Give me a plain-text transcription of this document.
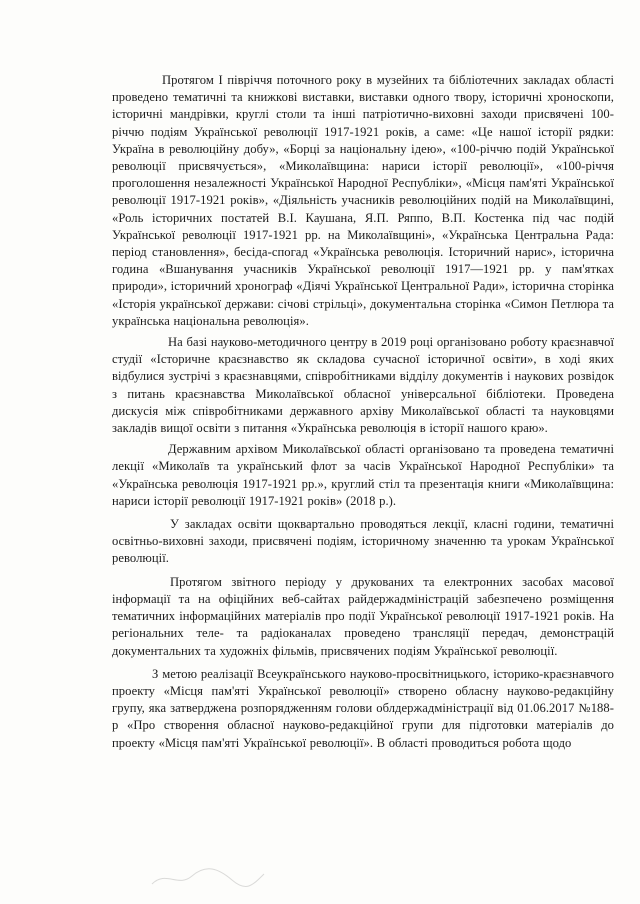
Протягом I півріччя поточного року в музейних та бібліотечних закладах області проведено тематичні та книжкові виставки, виставки одного твору, історичні хроноскопи, історичні мандрівки, круглі столи та інші патріотично-виховні заходи присвячені 100-річчю подіям Української революції 1917-1921 років, а саме: «Це нашої історії рядки: Україна в революційну добу», «Борці за національну ідею», «100-річчю подій Української революції присвячується», «Миколаївщина: нариси історії революції», «100-річчя проголошення незалежності Української Народної Республіки», «Місця пам'яті Української революції 1917-1921 років», «Діяльність учасників революційних подій на Миколаївщині, «Роль історичних постатей В.І. Каушана, Я.П. Ряппо, В.П. Костенка під час подій Української революції 1917-1921 рр. на Миколаївщині», «Українська Центральна Рада: період становлення», бесіда-спогад «Українська революція. Історичний нарис», історична година «Вшанування учасників Української революції 1917—1921 рр. у пам'ятках природи», історичний хронограф «Діячі Української Центральної Ради», історична сторінка «Історія української держави: січові стрільці», документальна сторінка «Симон Петлюра та українська національна революція».

На базі науково-методичного центру в 2019 році організовано роботу краєзнавчої студії «Історичне краєзнавство як складова сучасної історичної освіти», в ході яких відбулися зустрічі з краєзнавцями, співробітниками відділу документів і наукових розвідок з питань краєзнавства Миколаївської обласної універсальної бібліотеки. Проведена дискусія між співробітниками державного архіву Миколаївської області та науковцями закладів вищої освіти з питання «Українська революція в історії нашого краю».

Державним архівом Миколаївської області організовано та проведена тематичні лекції «Миколаїв та український флот за часів Української Народної Республіки» та «Українська революція 1917-1921 рр.», круглий стіл та презентація книги «Миколаївщина: нариси історії революції 1917-1921 років» (2018 р.).

У закладах освіти щоквартально проводяться лекції, класні години, тематичні освітньо-виховні заходи, присвячені подіям, історичному значенню та урокам Української революції.

Протягом звітного періоду у друкованих та електронних засобах масової інформації та на офіційних веб-сайтах райдержадміністрацій забезпечено розміщення тематичних інформаційних матеріалів про події Української революції 1917-1921 років. На регіональних теле- та радіоканалах проведено трансляції передач, демонстрацій документальних та художніх фільмів, присвячених подіям Української революції.

З метою реалізації Всеукраїнського науково-просвітницького, історико-краєзнавчого проекту «Місця пам'яті Української революції» створено обласну науково-редакційну групу, яка затверджена розпорядженням голови облдержадміністрації від 01.06.2017 №188-р «Про створення обласної науково-редакційної групи для підготовки матеріалів до проекту «Місця пам'яті Української революції». В області проводиться робота щодо
